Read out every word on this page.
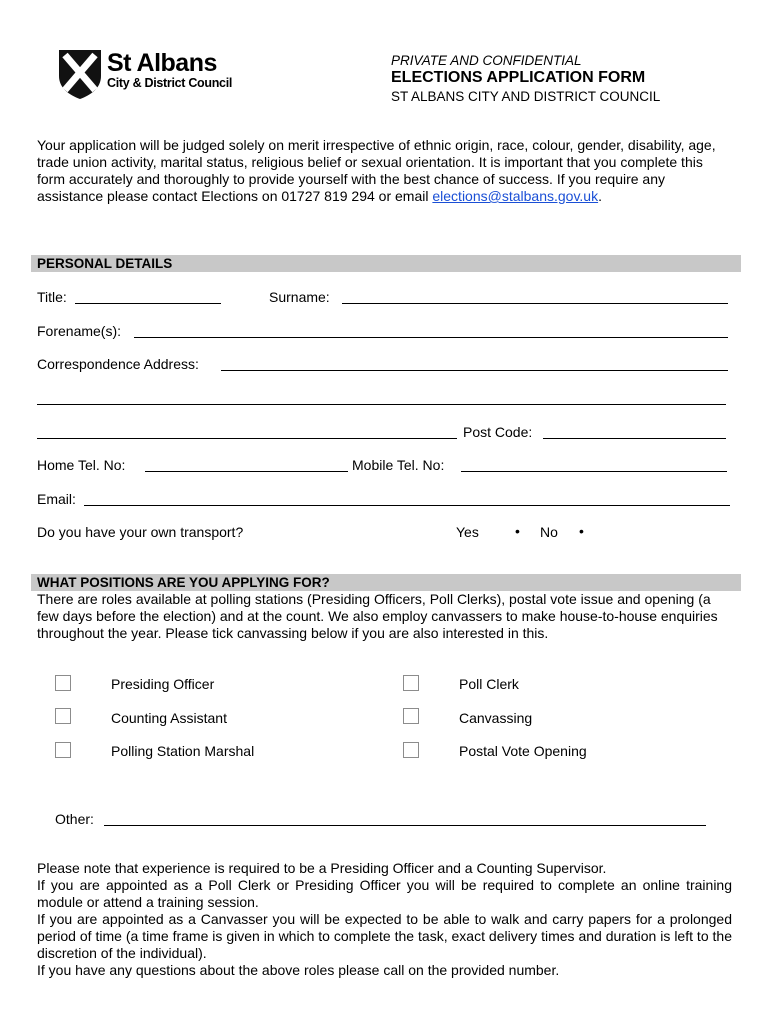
St Albans
City & District Council
PRIVATE AND CONFIDENTIAL
ELECTIONS APPLICATION FORM
ST ALBANS CITY AND DISTRICT COUNCIL
Your application will be judged solely on merit irrespective of ethnic origin, race, colour, gender, disability, age, trade union activity, marital status, religious belief or sexual orientation. It is important that you complete this form accurately and thoroughly to provide yourself with the best chance of success. If you require any assistance please contact Elections on 01727 819 294 or email elections@stalbans.gov.uk.
PERSONAL DETAILS
Title:	Surname:
Forename(s):
Correspondence Address:
Post Code:
Home Tel. No:	Mobile Tel. No:
Email:
Do you have your own transport?	Yes	• No •
WHAT POSITIONS ARE YOU APPLYING FOR?
There are roles available at polling stations (Presiding Officers, Poll Clerks), postal vote issue and opening (a few days before the election) and at the count. We also employ canvassers to make house-to-house enquiries throughout the year. Please tick canvassing below if you are also interested in this.
Presiding Officer	Poll Clerk
Counting Assistant	Canvassing
Polling Station Marshal	Postal Vote Opening
Other:

Please note that experience is required to be a Presiding Officer and a Counting Supervisor.

If you are appointed as a Poll Clerk or Presiding Officer you will be required to complete an online training module or attend a training session.

If you are appointed as a Canvasser you will be expected to be able to walk and carry papers for a prolonged period of time (a time frame is given in which to complete the task, exact delivery times and duration is left to the discretion of the individual).

If you have any questions about the above roles please call on the provided number.
